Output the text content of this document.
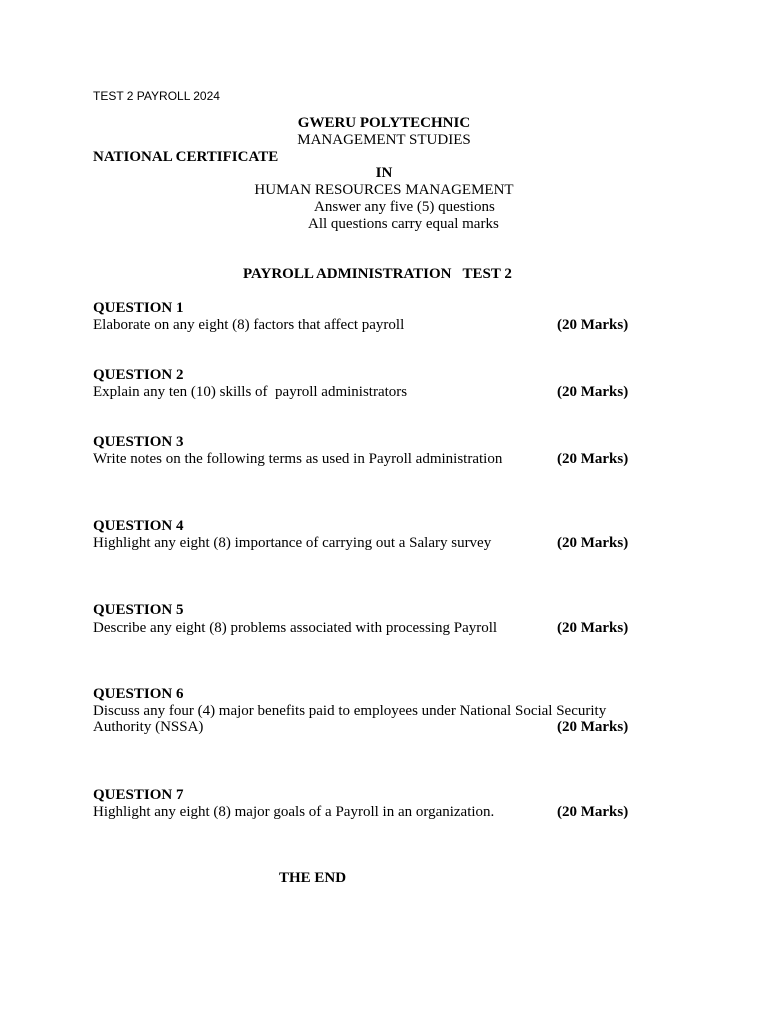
TEST 2 PAYROLL 2024
GWERU POLYTECHNIC
MANAGEMENT STUDIES
NATIONAL CERTIFICATE
IN
HUMAN RESOURCES MANAGEMENT
Answer any five (5) questions
All questions carry equal marks
PAYROLL ADMINISTRATION   TEST 2
QUESTION 1
Elaborate on any eight (8) factors that affect payroll	(20 Marks)
QUESTION 2
Explain any ten (10) skills of  payroll administrators	(20 Marks)
QUESTION 3
Write notes on the following terms as used in Payroll administration	(20 Marks)
QUESTION 4
Highlight any eight (8) importance of carrying out a Salary survey	(20 Marks)
QUESTION 5
Describe any eight (8) problems associated with processing Payroll	(20 Marks)
QUESTION 6
Discuss any four (4) major benefits paid to employees under National Social Security
Authority (NSSA)	(20 Marks)
QUESTION 7
Highlight any eight (8) major goals of a Payroll in an organization.	(20 Marks)
THE END
